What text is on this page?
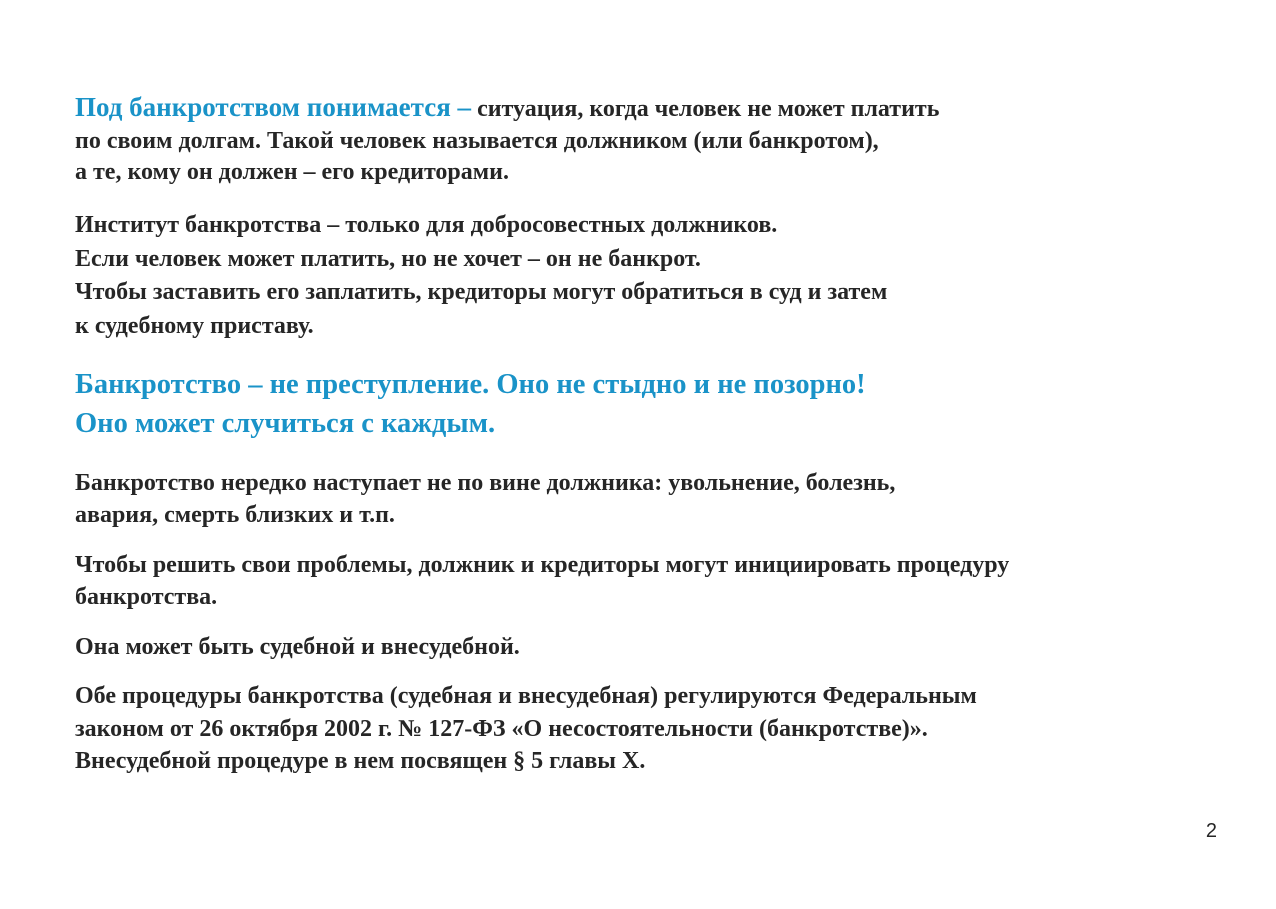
Под банкротством понимается – ситуация, когда человек не может платить
по своим долгам. Такой человек называется должником (или банкротом),
а те, кому он должен – его кредиторами.

Институт банкротства – только для добросовестных должников.
Если человек может платить, но не хочет – он не банкрот.
Чтобы заставить его заплатить, кредиторы могут обратиться в суд и затем
к судебному приставу.

Банкротство – не преступление. Оно не стыдно и не позорно!
Оно может случиться с каждым.

Банкротство нередко наступает не по вине должника: увольнение, болезнь,
авария, смерть близких и т.п.

Чтобы решить свои проблемы, должник и кредиторы могут инициировать процедуру
банкротства.

Она может быть судебной и внесудебной.

Обе процедуры банкротства (судебная и внесудебная) регулируются Федеральным
законом от 26 октября 2002 г. № 127-ФЗ «О несостоятельности (банкротстве)».
Внесудебной процедуре в нем посвящен § 5 главы X.

2
